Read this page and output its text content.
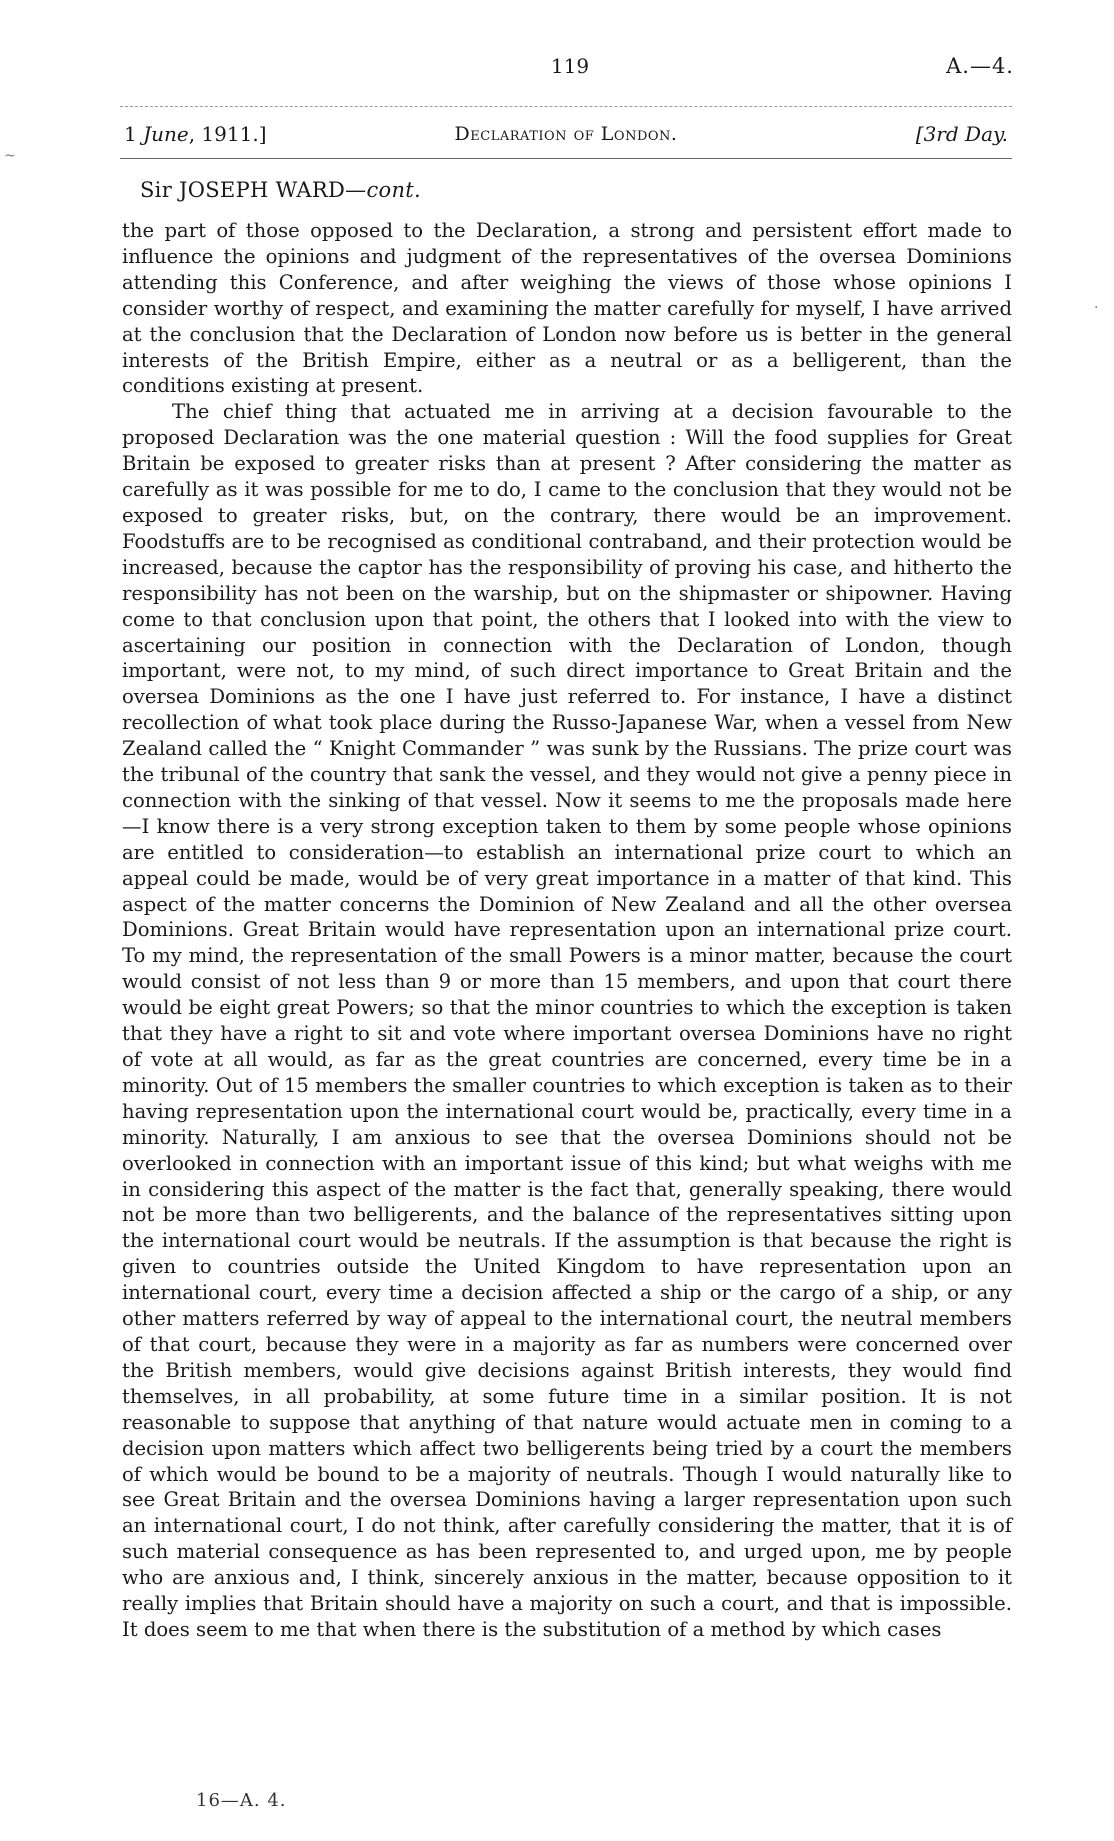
119	A.—4.
1 June, 1911.]	Declaration of London.	[3rd Day.
Sir JOSEPH WARD—cont.

the part of those opposed to the Declaration, a strong and persistent effort made to influence the opinions and judgment of the representatives of the oversea Dominions attending this Conference, and after weighing the views of those whose opinions I consider worthy of respect, and examining the matter carefully for myself, I have arrived at the conclusion that the Declaration of London now before us is better in the general interests of the British Empire, either as a neutral or as a belligerent, than the conditions existing at present.

The chief thing that actuated me in arriving at a decision favourable to the proposed Declaration was the one material question : Will the food supplies for Great Britain be exposed to greater risks than at present ? After considering the matter as carefully as it was possible for me to do, I came to the conclusion that they would not be exposed to greater risks, but, on the contrary, there would be an improvement. Foodstuffs are to be recognised as conditional contraband, and their protection would be increased, because the captor has the responsibility of proving his case, and hitherto the responsibility has not been on the warship, but on the shipmaster or shipowner. Having come to that conclusion upon that point, the others that I looked into with the view to ascertaining our position in connection with the Declaration of London, though important, were not, to my mind, of such direct importance to Great Britain and the oversea Dominions as the one I have just referred to. For instance, I have a distinct recollection of what took place during the Russo-Japanese War, when a vessel from New Zealand called the “ Knight Commander ” was sunk by the Russians. The prize court was the tribunal of the country that sank the vessel, and they would not give a penny piece in connection with the sinking of that vessel. Now it seems to me the proposals made here—I know there is a very strong exception taken to them by some people whose opinions are entitled to consideration—to establish an international prize court to which an appeal could be made, would be of very great importance in a matter of that kind. This aspect of the matter concerns the Dominion of New Zealand and all the other oversea Dominions. Great Britain would have representation upon an international prize court. To my mind, the representation of the small Powers is a minor matter, because the court would consist of not less than 9 or more than 15 members, and upon that court there would be eight great Powers; so that the minor countries to which the exception is taken that they have a right to sit and vote where important oversea Dominions have no right of vote at all would, as far as the great countries are concerned, every time be in a minority. Out of 15 members the smaller countries to which exception is taken as to their having representation upon the international court would be, practically, every time in a minority. Naturally, I am anxious to see that the oversea Dominions should not be overlooked in connection with an important issue of this kind; but what weighs with me in considering this aspect of the matter is the fact that, generally speaking, there would not be more than two belligerents, and the balance of the representatives sitting upon the international court would be neutrals. If the assumption is that because the right is given to countries outside the United Kingdom to have representation upon an international court, every time a decision affected a ship or the cargo of a ship, or any other matters referred by way of appeal to the international court, the neutral members of that court, because they were in a majority as far as numbers were concerned over the British members, would give decisions against British interests, they would find themselves, in all probability, at some future time in a similar position. It is not reasonable to suppose that anything of that nature would actuate men in coming to a decision upon matters which affect two belligerents being tried by a court the members of which would be bound to be a majority of neutrals. Though I would naturally like to see Great Britain and the oversea Dominions having a larger representation upon such an international court, I do not think, after carefully considering the matter, that it is of such material consequence as has been represented to, and urged upon, me by people who are anxious and, I think, sincerely anxious in the matter, because opposition to it really implies that Britain should have a majority on such a court, and that is impossible. It does seem to me that when there is the substitution of a method by which cases

16—A. 4.
~
·
